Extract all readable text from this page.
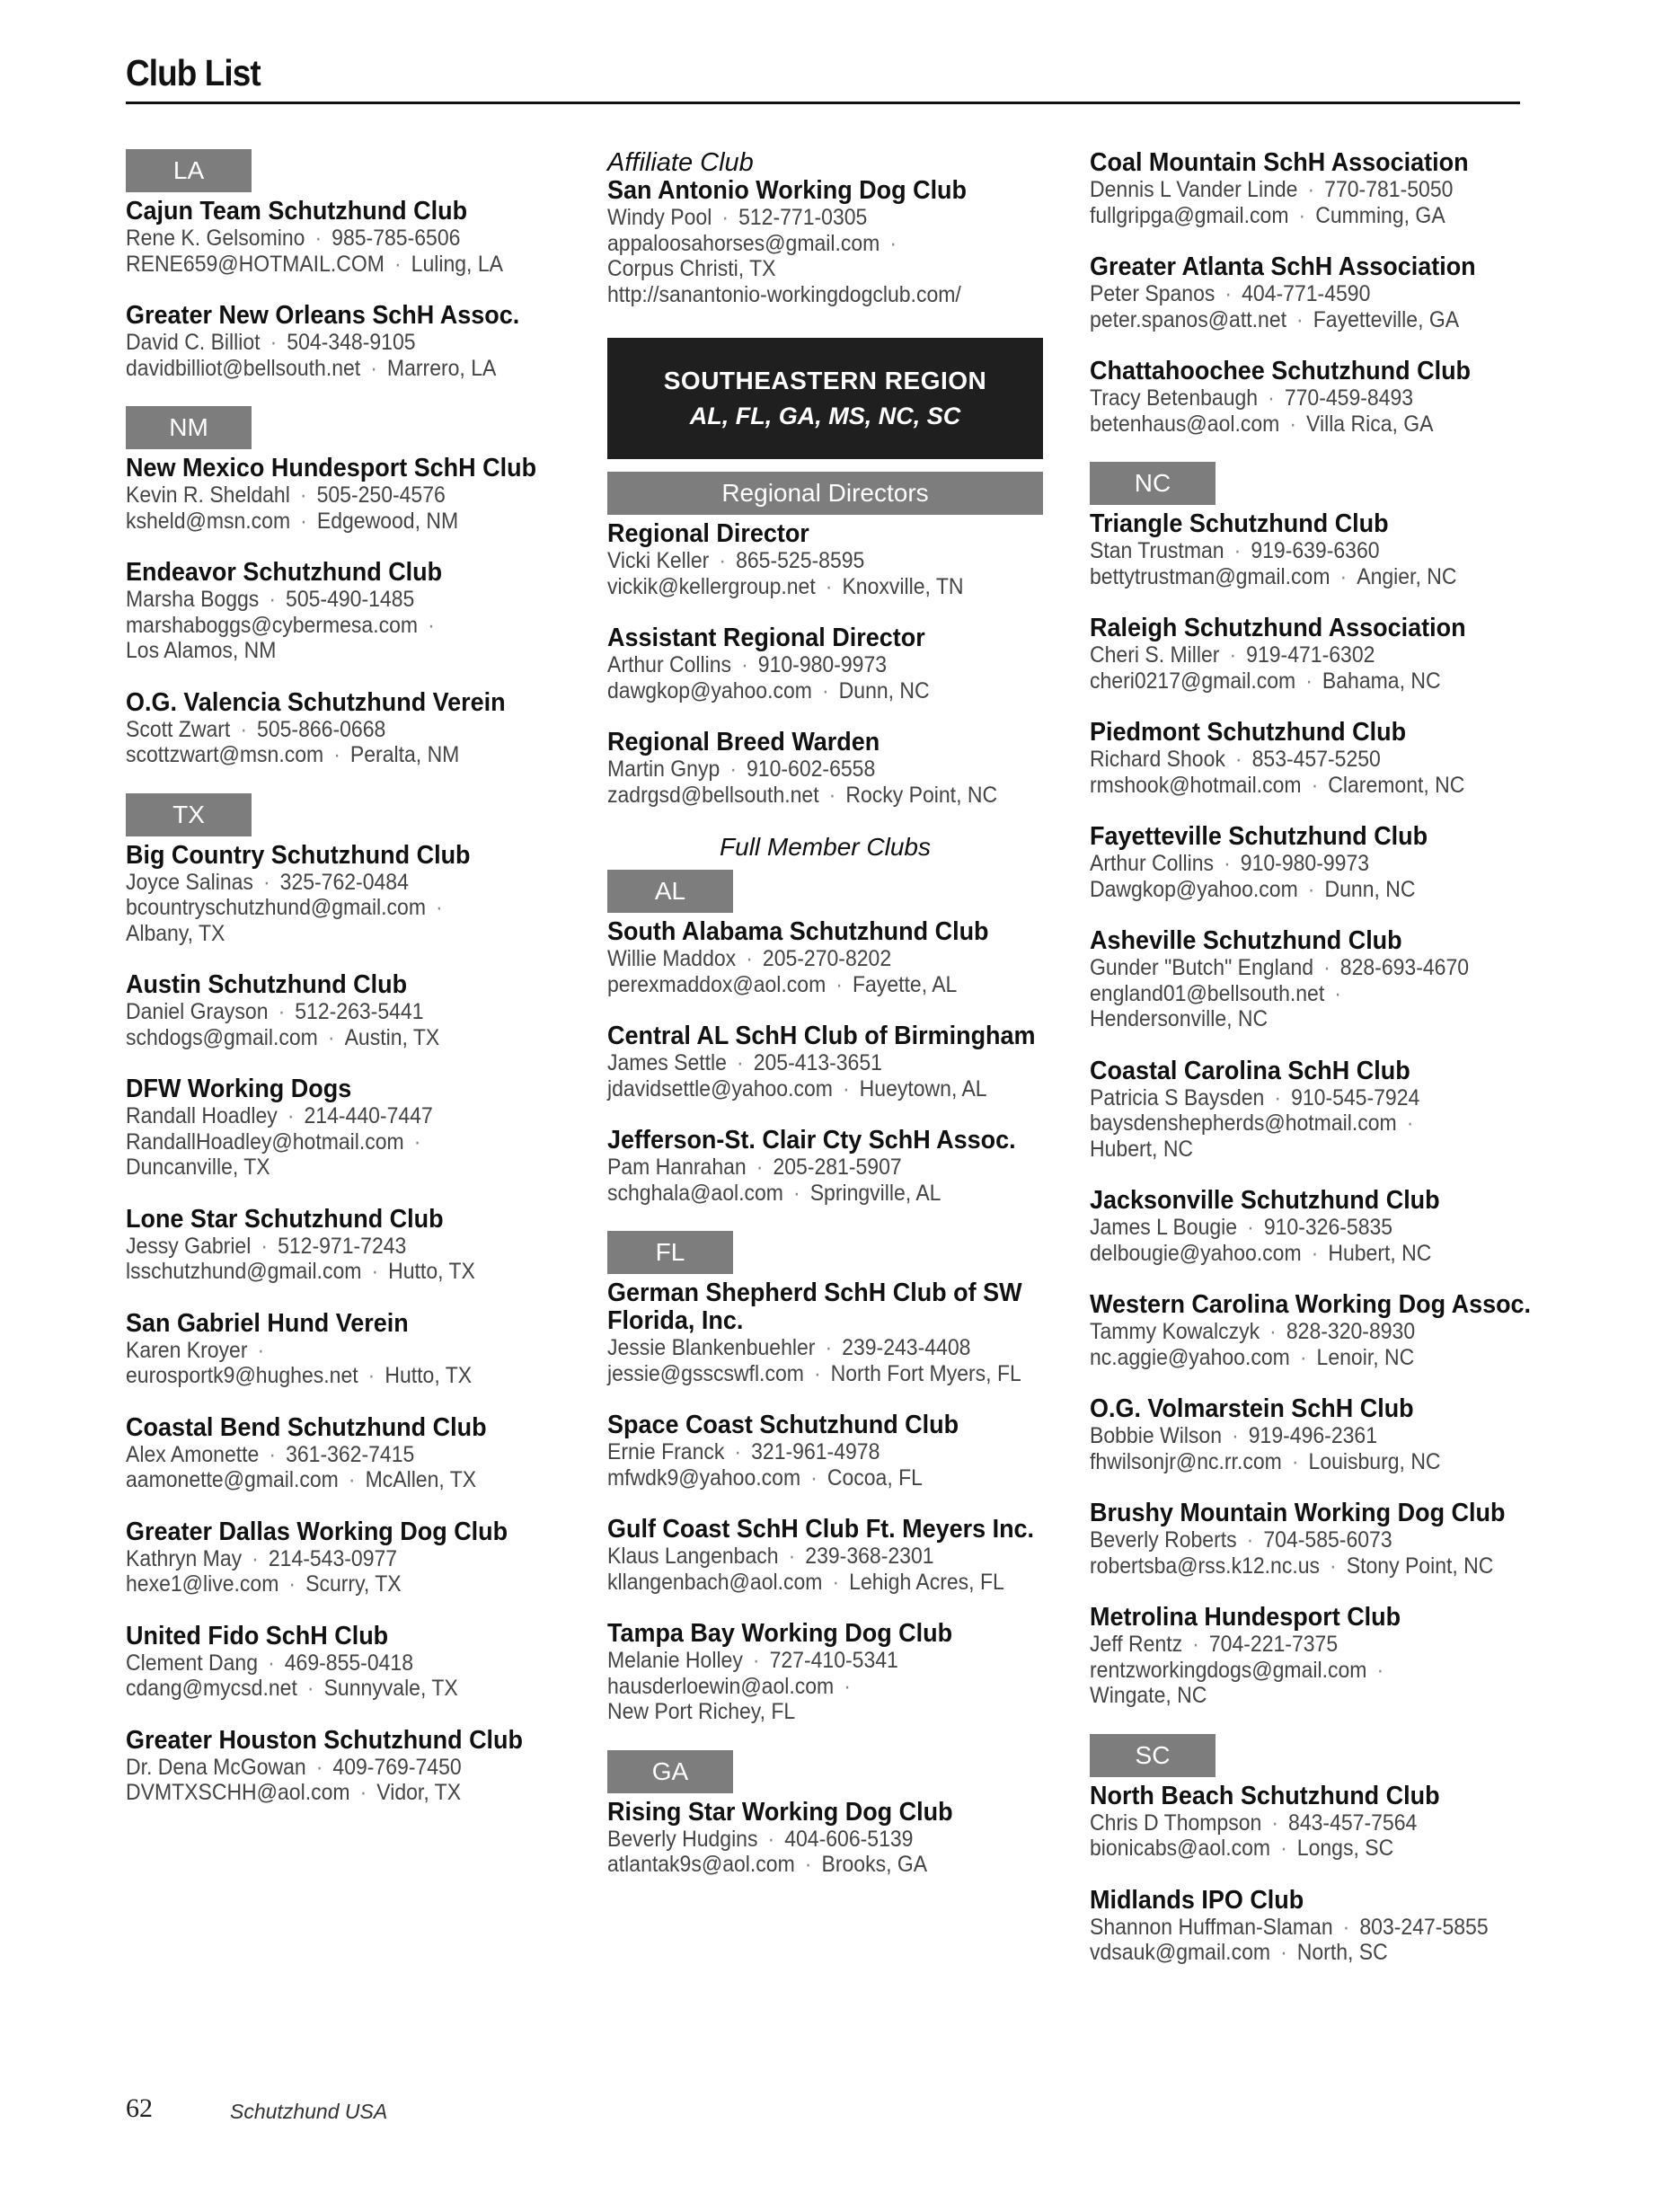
Club List
LA
Cajun Team Schutzhund Club
Rene K. Gelsomino · 985-785-6506
RENE659@HOTMAIL.COM · Luling, LA
Greater New Orleans SchH Assoc.
David C. Billiot · 504-348-9105
davidbilliot@bellsouth.net · Marrero, LA
NM
New Mexico Hundesport SchH Club
Kevin R. Sheldahl · 505-250-4576
ksheld@msn.com · Edgewood, NM
Endeavor Schutzhund Club
Marsha Boggs · 505-490-1485
marshaboggs@cybermesa.com ·
Los Alamos, NM
O.G. Valencia Schutzhund Verein
Scott Zwart · 505-866-0668
scottzwart@msn.com · Peralta, NM
TX
Big Country Schutzhund Club
Joyce Salinas · 325-762-0484
bcountryschutzhund@gmail.com ·
Albany, TX
Austin Schutzhund Club
Daniel Grayson · 512-263-5441
schdogs@gmail.com · Austin, TX
DFW Working Dogs
Randall Hoadley · 214-440-7447
RandallHoadley@hotmail.com ·
Duncanville, TX
Lone Star Schutzhund Club
Jessy Gabriel · 512-971-7243
lsschutzhund@gmail.com · Hutto, TX
San Gabriel Hund Verein
Karen Kroyer ·
eurosportk9@hughes.net · Hutto, TX
Coastal Bend Schutzhund Club
Alex Amonette · 361-362-7415
aamonette@gmail.com · McAllen, TX
Greater Dallas Working Dog Club
Kathryn May · 214-543-0977
hexe1@live.com · Scurry, TX
United Fido SchH Club
Clement Dang · 469-855-0418
cdang@mycsd.net · Sunnyvale, TX
Greater Houston Schutzhund Club
Dr. Dena McGowan · 409-769-7450
DVMTXSCHH@aol.com · Vidor, TX
Affiliate Club
San Antonio Working Dog Club
Windy Pool · 512-771-0305
appaloosahorses@gmail.com ·
Corpus Christi, TX
http://sanantonio-workingdogclub.com/
SOUTHEASTERN REGION
AL, FL, GA, MS, NC, SC
Regional Directors
Regional Director
Vicki Keller · 865-525-8595
vickik@kellergroup.net · Knoxville, TN
Assistant Regional Director
Arthur Collins · 910-980-9973
dawgkop@yahoo.com · Dunn, NC
Regional Breed Warden
Martin Gnyp · 910-602-6558
zadrgsd@bellsouth.net · Rocky Point, NC
Full Member Clubs
AL
South Alabama Schutzhund Club
Willie Maddox · 205-270-8202
perexmaddox@aol.com · Fayette, AL
Central AL SchH Club of Birmingham
James Settle · 205-413-3651
jdavidsettle@yahoo.com · Hueytown, AL
Jefferson-St. Clair Cty SchH Assoc.
Pam Hanrahan · 205-281-5907
schghala@aol.com · Springville, AL
FL
German Shepherd SchH Club of SW Florida, Inc.
Jessie Blankenbuehler · 239-243-4408
jessie@gsscswfl.com · North Fort Myers, FL
Space Coast Schutzhund Club
Ernie Franck · 321-961-4978
mfwdk9@yahoo.com · Cocoa, FL
Gulf Coast SchH Club Ft. Meyers Inc.
Klaus Langenbach · 239-368-2301
kllangenbach@aol.com · Lehigh Acres, FL
Tampa Bay Working Dog Club
Melanie Holley · 727-410-5341
hausderloewin@aol.com ·
New Port Richey, FL
GA
Rising Star Working Dog Club
Beverly Hudgins · 404-606-5139
atlantak9s@aol.com · Brooks, GA
Coal Mountain SchH Association
Dennis L Vander Linde · 770-781-5050
fullgripga@gmail.com · Cumming, GA
Greater Atlanta SchH Association
Peter Spanos · 404-771-4590
peter.spanos@att.net · Fayetteville, GA
Chattahoochee Schutzhund Club
Tracy Betenbaugh · 770-459-8493
betenhaus@aol.com · Villa Rica, GA
NC
Triangle Schutzhund Club
Stan Trustman · 919-639-6360
bettytrustman@gmail.com · Angier, NC
Raleigh Schutzhund Association
Cheri S. Miller · 919-471-6302
cheri0217@gmail.com · Bahama, NC
Piedmont Schutzhund Club
Richard Shook · 853-457-5250
rmshook@hotmail.com · Claremont, NC
Fayetteville Schutzhund Club
Arthur Collins · 910-980-9973
Dawgkop@yahoo.com · Dunn, NC
Asheville Schutzhund Club
Gunder "Butch" England · 828-693-4670
england01@bellsouth.net ·
Hendersonville, NC
Coastal Carolina SchH Club
Patricia S Baysden · 910-545-7924
baysdenshepherds@hotmail.com ·
Hubert, NC
Jacksonville Schutzhund Club
James L Bougie · 910-326-5835
delbougie@yahoo.com · Hubert, NC
Western Carolina Working Dog Assoc.
Tammy Kowalczyk · 828-320-8930
nc.aggie@yahoo.com · Lenoir, NC
O.G. Volmarstein SchH Club
Bobbie Wilson · 919-496-2361
fhwilsonjr@nc.rr.com · Louisburg, NC
Brushy Mountain Working Dog Club
Beverly Roberts · 704-585-6073
robertsba@rss.k12.nc.us · Stony Point, NC
Metrolina Hundesport Club
Jeff Rentz · 704-221-7375
rentzworkingdogs@gmail.com ·
Wingate, NC
SC
North Beach Schutzhund Club
Chris D Thompson · 843-457-7564
bionicabs@aol.com · Longs, SC
Midlands IPO Club
Shannon Huffman-Slaman · 803-247-5855
vdsauk@gmail.com · North, SC
62	Schutzhund USA
